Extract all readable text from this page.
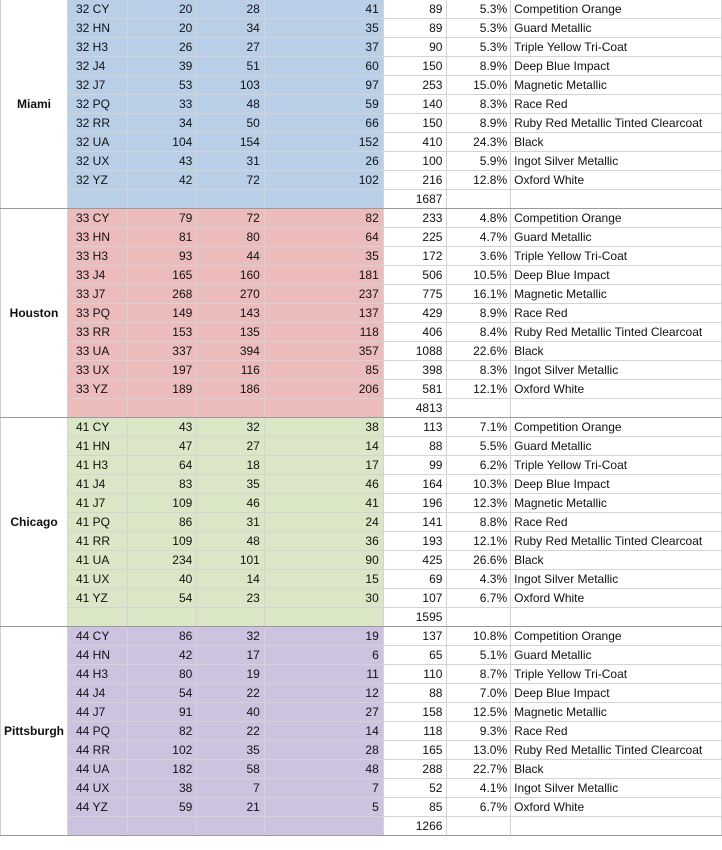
Miami	32 CY	20	28	41	89	5.3%	Competition Orange
	32 HN	20	34	35	89	5.3%	Guard Metallic
	32 H3	26	27	37	90	5.3%	Triple Yellow Tri-Coat
	32 J4	39	51	60	150	8.9%	Deep Blue Impact
	32 J7	53	103	97	253	15.0%	Magnetic Metallic
	32 PQ	33	48	59	140	8.3%	Race Red
	32 RR	34	50	66	150	8.9%	Ruby Red Metallic Tinted Clearcoat
	32 UA	104	154	152	410	24.3%	Black
	32 UX	43	31	26	100	5.9%	Ingot Silver Metallic
	32 YZ	42	72	102	216	12.8%	Oxford White
					1687		
Houston	33 CY	79	72	82	233	4.8%	Competition Orange
	33 HN	81	80	64	225	4.7%	Guard Metallic
	33 H3	93	44	35	172	3.6%	Triple Yellow Tri-Coat
	33 J4	165	160	181	506	10.5%	Deep Blue Impact
	33 J7	268	270	237	775	16.1%	Magnetic Metallic
	33 PQ	149	143	137	429	8.9%	Race Red
	33 RR	153	135	118	406	8.4%	Ruby Red Metallic Tinted Clearcoat
	33 UA	337	394	357	1088	22.6%	Black
	33 UX	197	116	85	398	8.3%	Ingot Silver Metallic
	33 YZ	189	186	206	581	12.1%	Oxford White
					4813		
Chicago	41 CY	43	32	38	113	7.1%	Competition Orange
	41 HN	47	27	14	88	5.5%	Guard Metallic
	41 H3	64	18	17	99	6.2%	Triple Yellow Tri-Coat
	41 J4	83	35	46	164	10.3%	Deep Blue Impact
	41 J7	109	46	41	196	12.3%	Magnetic Metallic
	41 PQ	86	31	24	141	8.8%	Race Red
	41 RR	109	48	36	193	12.1%	Ruby Red Metallic Tinted Clearcoat
	41 UA	234	101	90	425	26.6%	Black
	41 UX	40	14	15	69	4.3%	Ingot Silver Metallic
	41 YZ	54	23	30	107	6.7%	Oxford White
					1595		
Pittsburgh	44 CY	86	32	19	137	10.8%	Competition Orange
	44 HN	42	17	6	65	5.1%	Guard Metallic
	44 H3	80	19	11	110	8.7%	Triple Yellow Tri-Coat
	44 J4	54	22	12	88	7.0%	Deep Blue Impact
	44 J7	91	40	27	158	12.5%	Magnetic Metallic
	44 PQ	82	22	14	118	9.3%	Race Red
	44 RR	102	35	28	165	13.0%	Ruby Red Metallic Tinted Clearcoat
	44 UA	182	58	48	288	22.7%	Black
	44 UX	38	7	7	52	4.1%	Ingot Silver Metallic
	44 YZ	59	21	5	85	6.7%	Oxford White
					1266		
